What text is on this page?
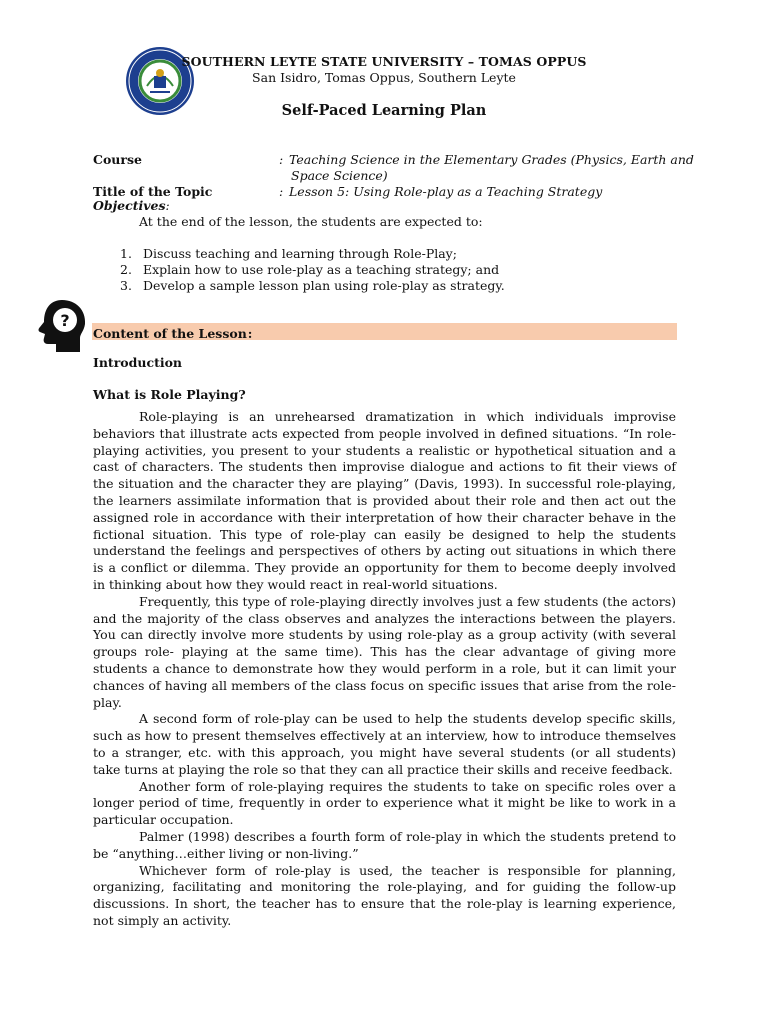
SOUTHERN LEYTE STATE UNIVERSITY – TOMAS OPPUS
San Isidro, Tomas Oppus, Southern Leyte
Self-Paced Learning Plan
Course	: Teaching Science in the Elementary Grades (Physics, Earth and
Space Science)
Title of the Topic	: Lesson 5: Using Role-play as a Teaching Strategy
Objectives:
At the end of the lesson, the students are expected to:
1. Discuss teaching and learning through Role-Play;
2. Explain how to use role-play as a teaching strategy; and
3. Develop a sample lesson plan using role-play as strategy.
?
Content of the Lesson:
Introduction
What is Role Playing?

Role-playing is an unrehearsed dramatization in which individuals improvise behaviors that illustrate acts expected from people involved in defined situations. “In role-playing activities, you present to your students a realistic or hypothetical situation and a cast of characters. The students then improvise dialogue and actions to fit their views of the situation and the character they are playing” (Davis, 1993). In successful role-playing, the learners assimilate information that is provided about their role and then act out the assigned role in accordance with their interpretation of how their character behave in the fictional situation. This type of role-play can easily be designed to help the students understand the feelings and perspectives of others by acting out situations in which there is a conflict or dilemma. They provide an opportunity for them to become deeply involved in thinking about how they would react in real-world situations.

Frequently, this type of role-playing directly involves just a few students (the actors) and the majority of the class observes and analyzes the interactions between the players. You can directly involve more students by using role-play as a group activity (with several groups role- playing at the same time). This has the clear advantage of giving more students a chance to demonstrate how they would perform in a role, but it can limit your chances of having all members of the class focus on specific issues that arise from the role-play.

A second form of role-play can be used to help the students develop specific skills, such as how to present themselves effectively at an interview, how to introduce themselves to a stranger, etc. with this approach, you might have several students (or all students) take turns at playing the role so that they can all practice their skills and receive feedback.

Another form of role-playing requires the students to take on specific roles over a longer period of time, frequently in order to experience what it might be like to work in a particular occupation.

Palmer (1998) describes a fourth form of role-play in which the students pretend to be “anything…either living or non-living.”

Whichever form of role-play is used, the teacher is responsible for planning, organizing, facilitating and monitoring the role-playing, and for guiding the follow-up discussions. In short, the teacher has to ensure that the role-play is learning experience, not simply an activity.
